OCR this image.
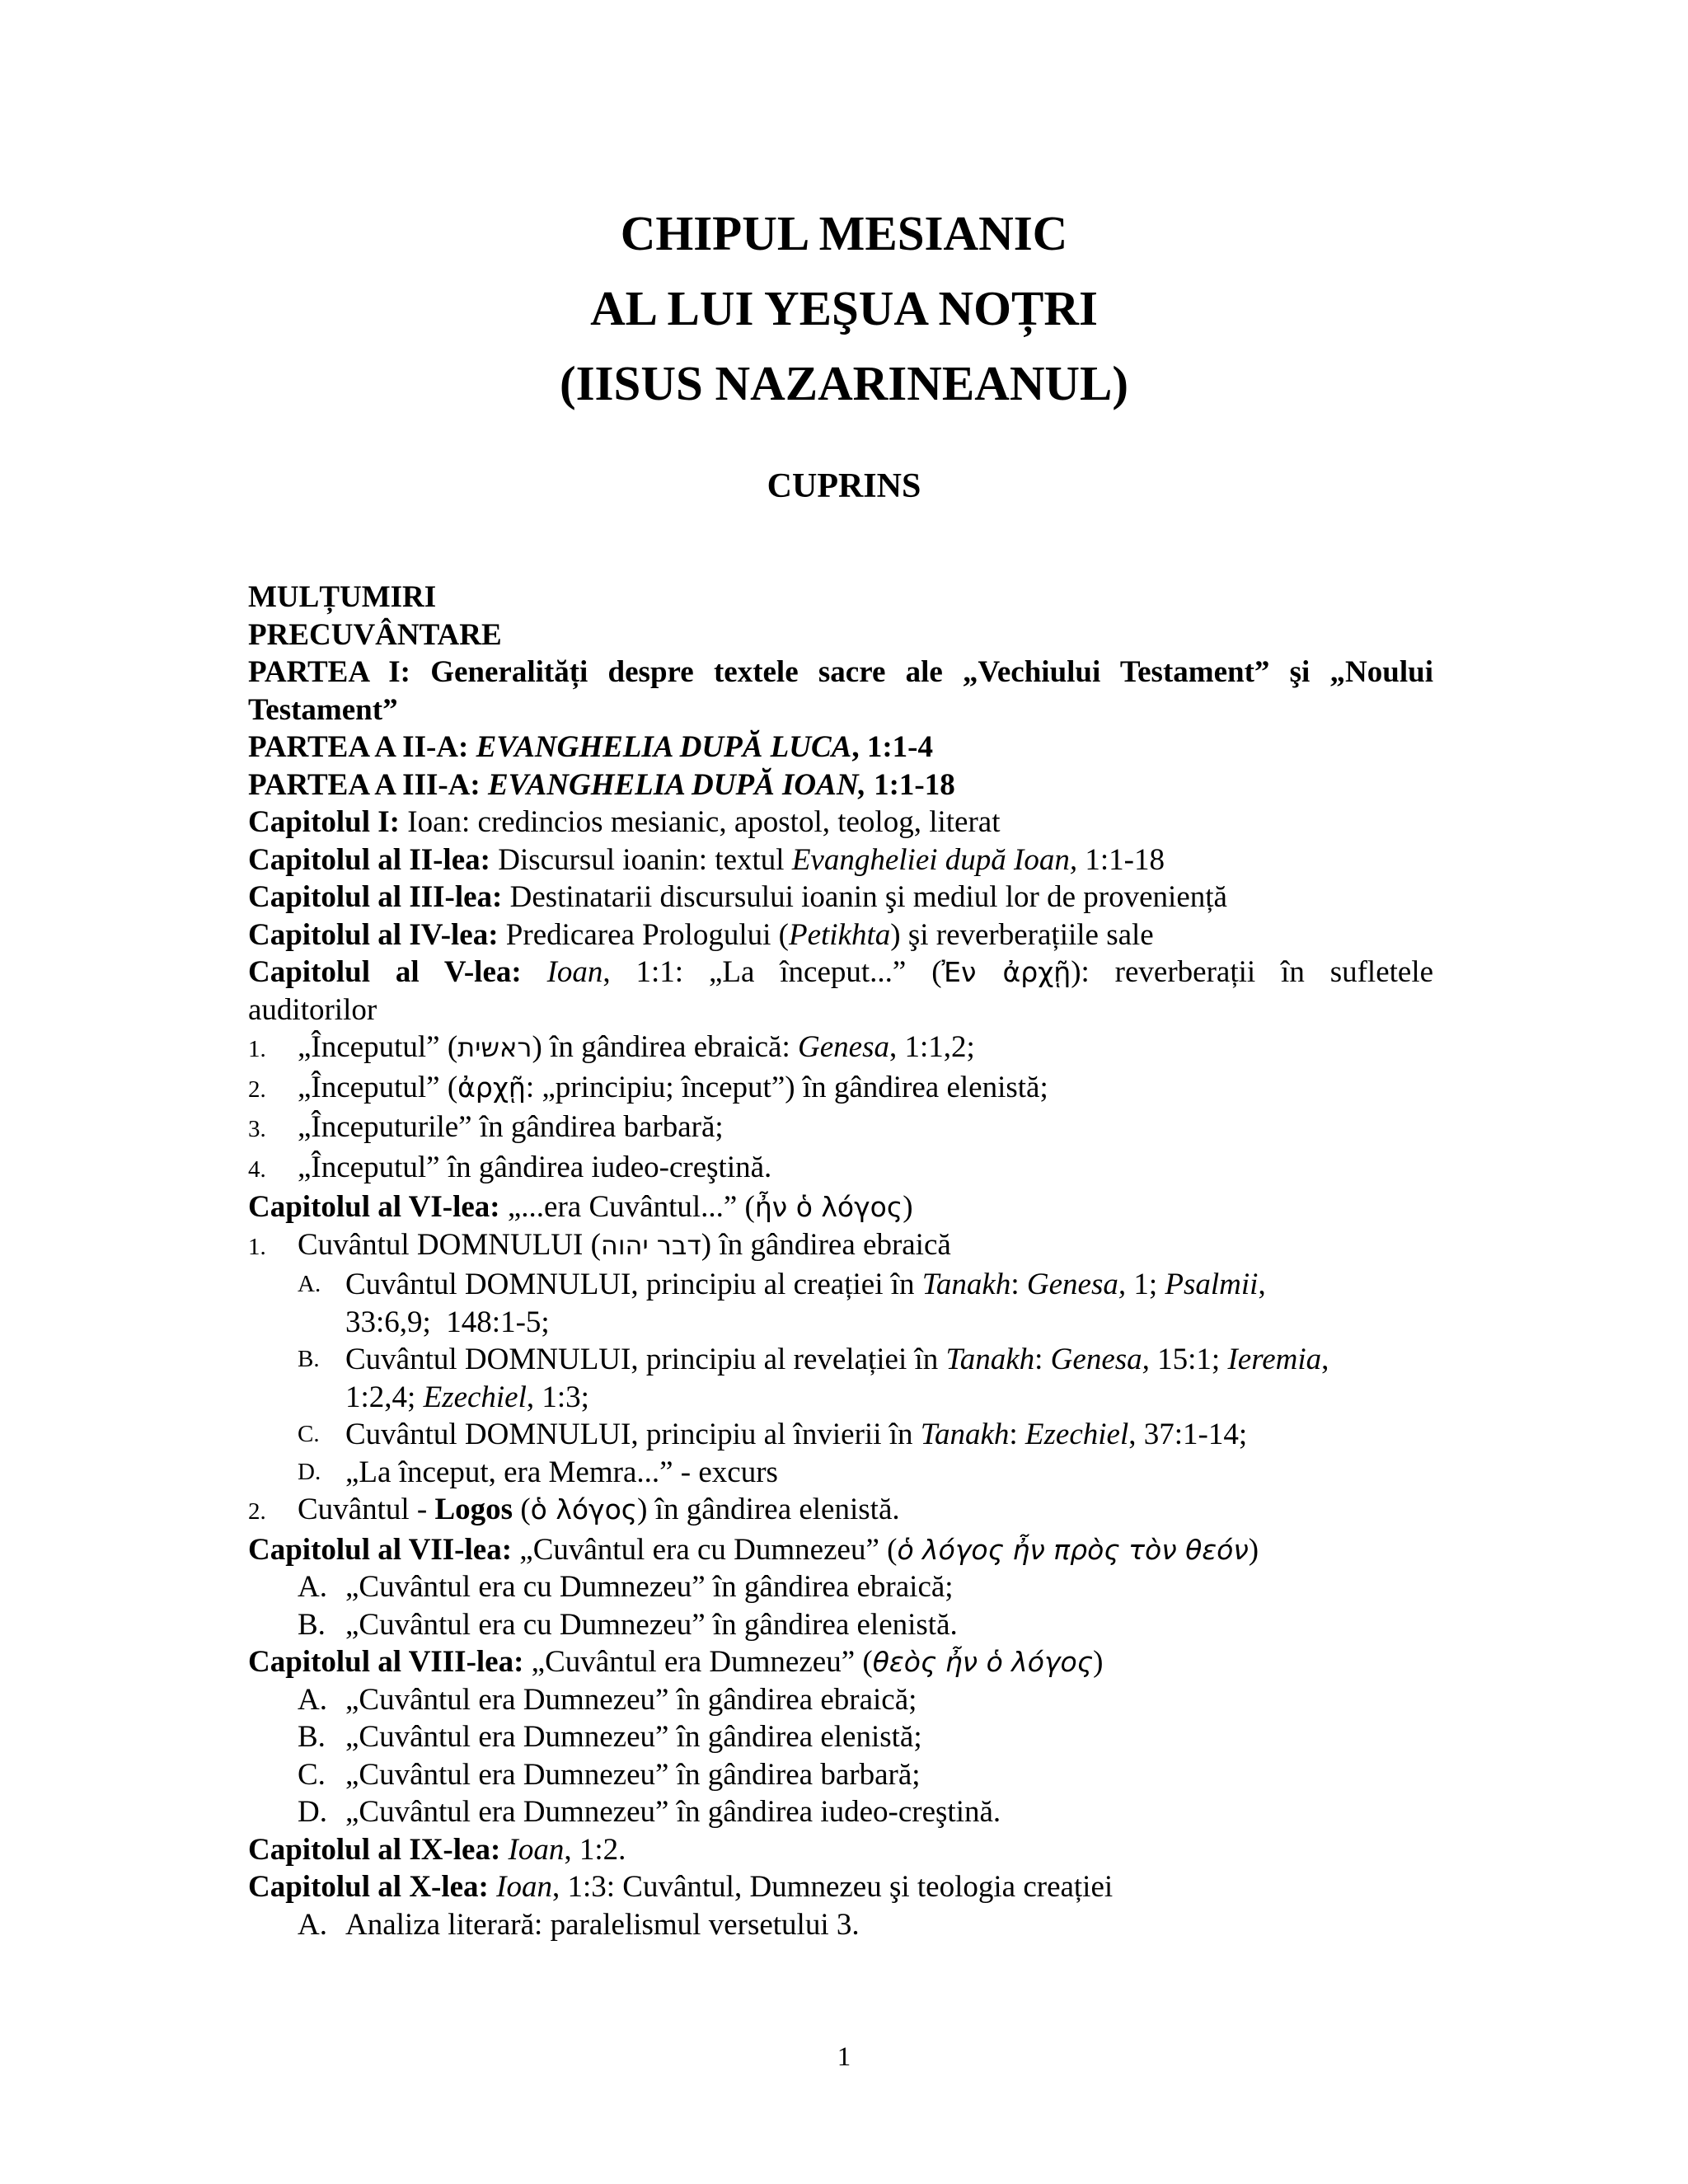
CHIPUL MESIANIC
AL LUI YEŞUA NOȚRI
(IISUS NAZARINEANUL)
CUPRINS
MULȚUMIRI
PRECUVÂNTARE
PARTEA I: Generalități despre textele sacre ale „Vechiului Testament” şi „Noului Testament”
PARTEA A II-A: EVANGHELIA DUPĂ LUCA, 1:1-4
PARTEA A III-A: EVANGHELIA DUPĂ IOAN, 1:1-18
Capitolul I: Ioan: credincios mesianic, apostol, teolog, literat
Capitolul al II-lea: Discursul ioanin: textul Evangheliei după Ioan, 1:1-18
Capitolul al III-lea: Destinatarii discursului ioanin şi mediul lor de proveniență
Capitolul al IV-lea: Predicarea Prologului (Petikhta) şi reverberațiile sale
Capitolul al V-lea: Ioan, 1:1: „La început...” (Ἐν ἀρχῇ): reverberații în sufletele
auditorilor
1. „Începutul” (ראשית) în gândirea ebraică: Genesa, 1:1,2;
2. „Începutul” (ἀρχῇ: „principiu; început”) în gândirea elenistă;
3. „Începuturile” în gândirea barbară;
4. „Începutul” în gândirea iudeo-creştină.
Capitolul al VI-lea: „...era Cuvântul...” (ἦν ὁ λόγος)
1. Cuvântul DOMNULUI (דבר יהוה) în gândirea ebraică
A. Cuvântul DOMNULUI, principiu al creației în Tanakh: Genesa, 1; Psalmii,
33:6,9;  148:1-5;
B. Cuvântul DOMNULUI, principiu al revelației în Tanakh: Genesa, 15:1; Ieremia,
1:2,4; Ezechiel, 1:3;
C. Cuvântul DOMNULUI, principiu al învierii în Tanakh: Ezechiel, 37:1-14;
D. „La început, era Memra...” - excurs
2. Cuvântul - Logos (ὁ λόγος) în gândirea elenistă.
Capitolul al VII-lea: „Cuvântul era cu Dumnezeu” (ὁ λόγος ἦν πρὸς τὸν θεόν)
A. „Cuvântul era cu Dumnezeu” în gândirea ebraică;
B. „Cuvântul era cu Dumnezeu” în gândirea elenistă.
Capitolul al VIII-lea: „Cuvântul era Dumnezeu” (θεὸς ἦν ὁ λόγος)
A. „Cuvântul era Dumnezeu” în gândirea ebraică;
B. „Cuvântul era Dumnezeu” în gândirea elenistă;
C. „Cuvântul era Dumnezeu” în gândirea barbară;
D. „Cuvântul era Dumnezeu” în gândirea iudeo-creştină.
Capitolul al IX-lea: Ioan, 1:2.
Capitolul al X-lea: Ioan, 1:3: Cuvântul, Dumnezeu şi teologia creației
A. Analiza literară: paralelismul versetului 3.
1
